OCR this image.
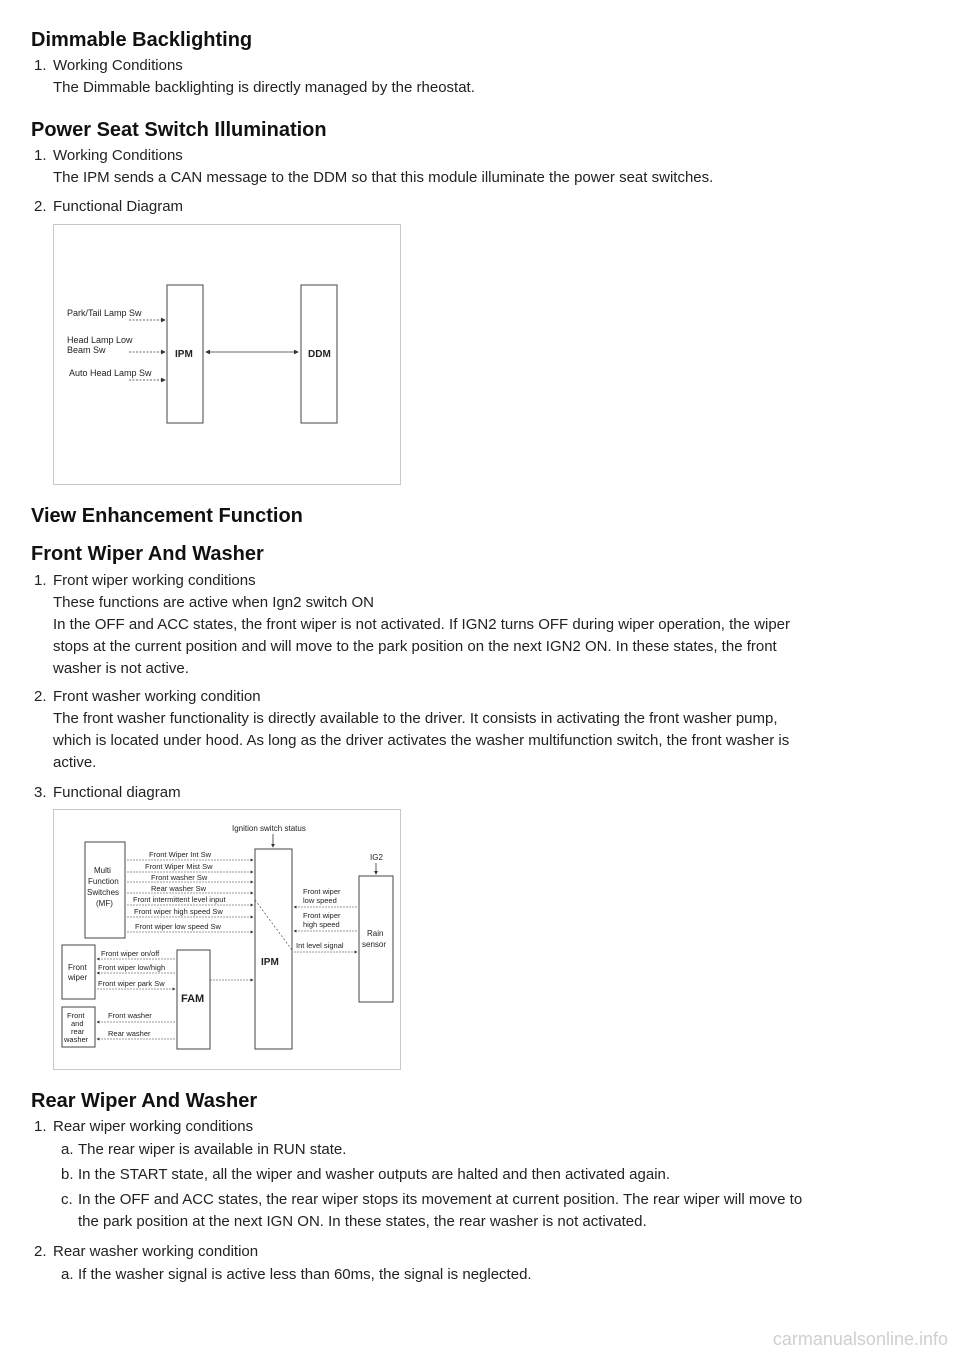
Dimmable Backlighting
1. Working Conditions
The Dimmable backlighting is directly managed by the rheostat.
Power Seat Switch Illumination
1. Working Conditions
The IPM sends a CAN message to the DDM so that this module illuminate the power seat switches.
2. Functional Diagram
IPM	DDM
Park/Tail Lamp Sw
Head Lamp Low
Beam Sw
Auto Head Lamp Sw
View Enhancement Function
Front Wiper And Washer
1. Front wiper working conditions
These functions are active when Ign2 switch ON
In the OFF and ACC states, the front wiper is not activated. If IGN2 turns OFF during wiper operation, the wiper
stops at the current position and will move to the park position on the next IGN2 ON. In these states, the front
washer is not active.
2. Front washer working condition
The front washer functionality is directly available to the driver. It consists in activating the front washer pump,
which is located under hood. As long as the driver activates the washer multifunction switch, the front washer is
active.
3. Functional diagram
Ignition switch status
IG2
Multi
Function
Switches
(MF)
Front Wiper Int Sw
Front Wiper Mist Sw
Front washer Sw
Rear washer Sw
Front intermittent level input
Front wiper high speed Sw
Front wiper low speed Sw
Front wiper
low speed
Front wiper
high speed
Int level signal
Rain
sensor
IPM
FAM
Front
wiper
Front wiper on/off
Front wiper low/high
Front wiper park Sw
Front
and
rear
washer
Front washer
Rear washer
Rear Wiper And Washer
1. Rear wiper working conditions
a. The rear wiper is available in RUN state.
b. In the START state, all the wiper and washer outputs are halted and then activated again.
c. In the OFF and ACC states, the rear wiper stops its movement at current position. The rear wiper will move to
the park position at the next IGN ON. In these states, the rear washer is not activated.
2. Rear washer working condition
a. If the washer signal is active less than 60ms, the signal is neglected.
carmanualsonline.info
